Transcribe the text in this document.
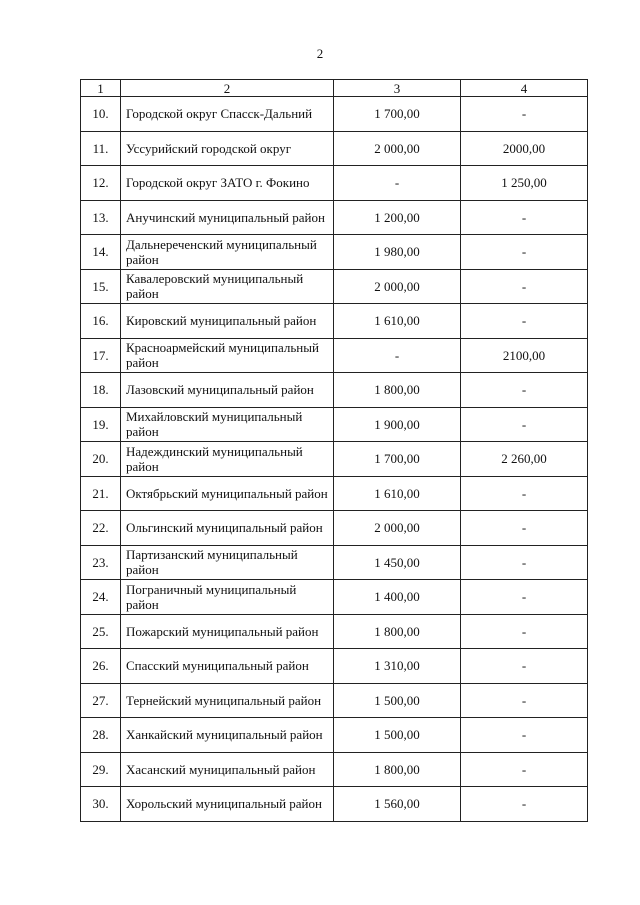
2
1	2	3	4
10.	Городской округ Спасск-Дальний	1 700,00	-
11.	Уссурийский городской округ	2 000,00	2000,00
12.	Городской округ ЗАТО г. Фокино	-	1 250,00
13.	Анучинский муниципальный район	1 200,00	-
14.	Дальнереченский муниципальный район	1 980,00	-
15.	Кавалеровский муниципальный район	2 000,00	-
16.	Кировский муниципальный район	1 610,00	-
17.	Красноармейский муниципальный район	-	2100,00
18.	Лазовский муниципальный район	1 800,00	-
19.	Михайловский муниципальный район	1 900,00	-
20.	Надеждинский муниципальный район	1 700,00	2 260,00
21.	Октябрьский муниципальный район	1 610,00	-
22.	Ольгинский муниципальный район	2 000,00	-
23.	Партизанский муниципальный район	1 450,00	-
24.	Пограничный муниципальный район	1 400,00	-
25.	Пожарский муниципальный район	1 800,00	-
26.	Спасский муниципальный район	1 310,00	-
27.	Тернейский муниципальный район	1 500,00	-
28.	Ханкайский муниципальный район	1 500,00	-
29.	Хасанский муниципальный район	1 800,00	-
30.	Хорольский муниципальный район	1 560,00	-
